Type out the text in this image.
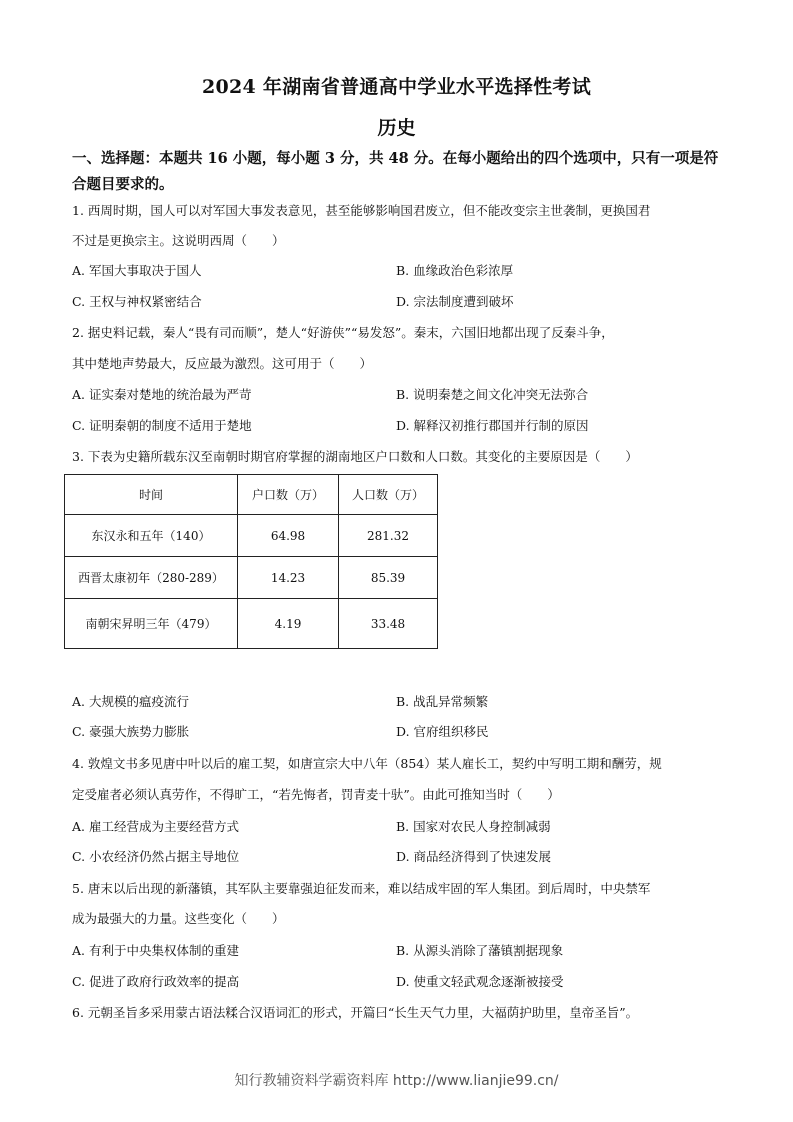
2024 年湖南省普通高中学业水平选择性考试
历史
一、选择题：本题共 16 小题，每小题 3 分，共 48 分。在每小题给出的四个选项中，只有一项是符合题目要求的。
1. 西周时期，国人可以对军国大事发表意见，甚至能够影响国君废立，但不能改变宗主世袭制，更换国君
不过是更换宗主。这说明西周（　　）
A. 军国大事取决于国人	B. 血缘政治色彩浓厚
C. 王权与神权紧密结合	D. 宗法制度遭到破坏
2. 据史料记载，秦人“畏有司而顺”，楚人“好游侠”“易发怒”。秦末，六国旧地都出现了反秦斗争，
其中楚地声势最大，反应最为激烈。这可用于（　　）
A. 证实秦对楚地的统治最为严苛	B. 说明秦楚之间文化冲突无法弥合
C. 证明秦朝的制度不适用于楚地	D. 解释汉初推行郡国并行制的原因
3. 下表为史籍所载东汉至南朝时期官府掌握的湖南地区户口数和人口数。其变化的主要原因是（　　）
时间	户口数（万）	人口数（万）
东汉永和五年（140）	64.98	281.32
西晋太康初年（280-289）	14.23	85.39
南朝宋昇明三年（479）	4.19	33.48
A. 大规模的瘟疫流行	B. 战乱异常频繁
C. 豪强大族势力膨胀	D. 官府组织移民
4. 敦煌文书多见唐中叶以后的雇工契，如唐宣宗大中八年（854）某人雇长工，契约中写明工期和酬劳，规
定受雇者必须认真劳作，不得旷工，“若先悔者，罚青麦十驮”。由此可推知当时（　　）
A. 雇工经营成为主要经营方式	B. 国家对农民人身控制减弱
C. 小农经济仍然占据主导地位	D. 商品经济得到了快速发展
5. 唐末以后出现的新藩镇，其军队主要靠强迫征发而来，难以结成牢固的军人集团。到后周时，中央禁军
成为最强大的力量。这些变化（　　）
A. 有利于中央集权体制的重建	B. 从源头消除了藩镇割据现象
C. 促进了政府行政效率的提高	D. 使重文轻武观念逐渐被接受
6. 元朝圣旨多采用蒙古语法糅合汉语词汇的形式，开篇曰“长生天气力里，大福荫护助里，皇帝圣旨”。
知行教辅资料学霸资料库 http://www.lianjie99.cn/
